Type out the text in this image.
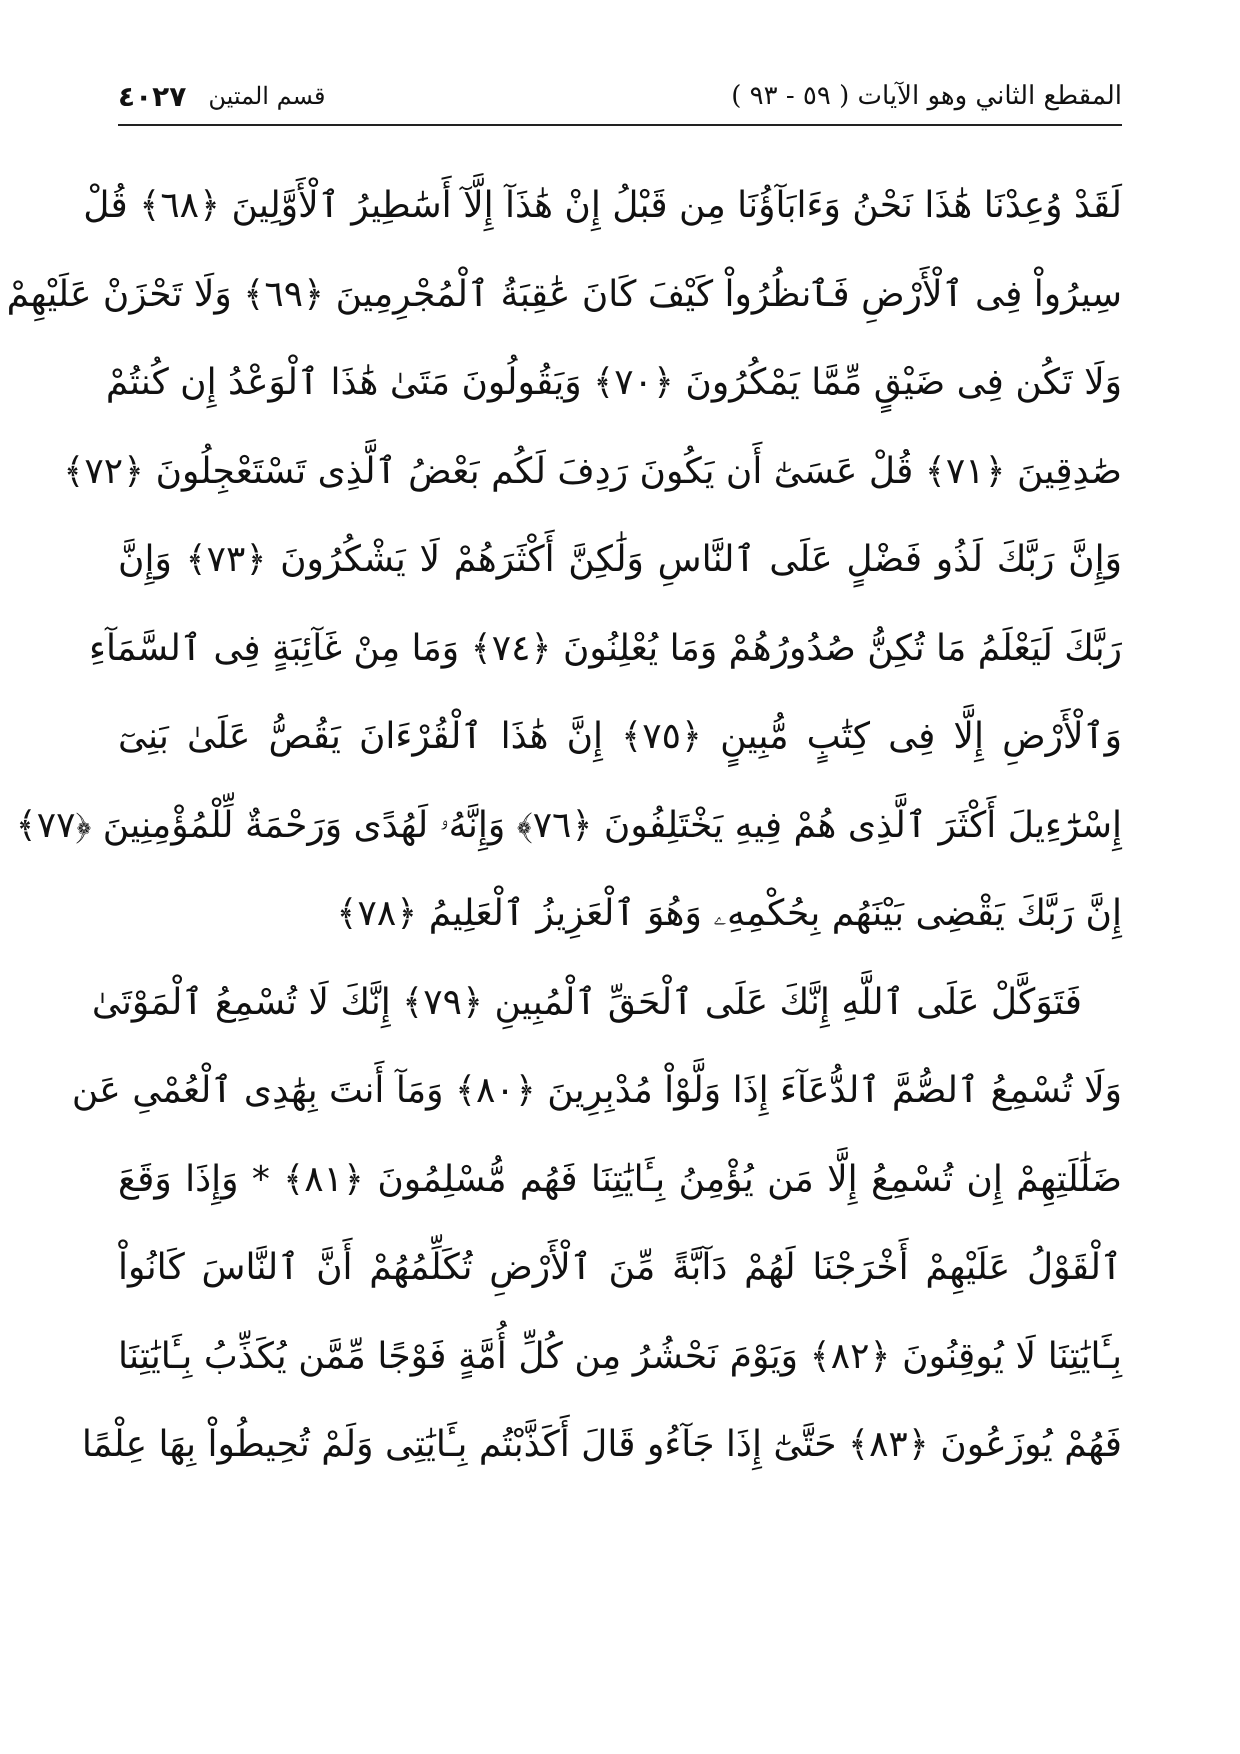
المقطع الثاني وهو الآيات ( ٥٩ - ٩٣ )
قسم المتين
٤٠٢٧
لَقَدْ وُعِدْنَا هَٰذَا نَحْنُ وَءَابَآؤُنَا مِن قَبْلُ إِنْ هَٰذَآ إِلَّآ أَسَٰطِيرُ ٱلْأَوَّلِينَ ﴿٦٨﴾ قُلْ
سِيرُواْ فِى ٱلْأَرْضِ فَٱنظُرُواْ كَيْفَ كَانَ عَٰقِبَةُ ٱلْمُجْرِمِينَ ﴿٦٩﴾ وَلَا تَحْزَنْ عَلَيْهِمْ
وَلَا تَكُن فِى ضَيْقٍ مِّمَّا يَمْكُرُونَ ﴿٧٠﴾ وَيَقُولُونَ مَتَىٰ هَٰذَا ٱلْوَعْدُ إِن كُنتُمْ
صَٰدِقِينَ ﴿٧١﴾ قُلْ عَسَىٰٓ أَن يَكُونَ رَدِفَ لَكُم بَعْضُ ٱلَّذِى تَسْتَعْجِلُونَ ﴿٧٢﴾
وَإِنَّ رَبَّكَ لَذُو فَضْلٍ عَلَى ٱلنَّاسِ وَلَٰكِنَّ أَكْثَرَهُمْ لَا يَشْكُرُونَ ﴿٧٣﴾ وَإِنَّ
رَبَّكَ لَيَعْلَمُ مَا تُكِنُّ صُدُورُهُمْ وَمَا يُعْلِنُونَ ﴿٧٤﴾ وَمَا مِنْ غَآئِبَةٍ فِى ٱلسَّمَآءِ
وَٱلْأَرْضِ إِلَّا فِى كِتَٰبٍ مُّبِينٍ ﴿٧٥﴾ إِنَّ هَٰذَا ٱلْقُرْءَانَ يَقُصُّ عَلَىٰ بَنِىٓ
إِسْرَٰٓءِيلَ أَكْثَرَ ٱلَّذِى هُمْ فِيهِ يَخْتَلِفُونَ ﴿٧٦﴾ وَإِنَّهُۥ لَهُدًى وَرَحْمَةٌ لِّلْمُؤْمِنِينَ ﴿٧٧﴾
إِنَّ رَبَّكَ يَقْضِى بَيْنَهُم بِحُكْمِهِۦ وَهُوَ ٱلْعَزِيزُ ٱلْعَلِيمُ ﴿٧٨﴾
فَتَوَكَّلْ عَلَى ٱللَّهِ إِنَّكَ عَلَى ٱلْحَقِّ ٱلْمُبِينِ ﴿٧٩﴾ إِنَّكَ لَا تُسْمِعُ ٱلْمَوْتَىٰ
وَلَا تُسْمِعُ ٱلصُّمَّ ٱلدُّعَآءَ إِذَا وَلَّوْاْ مُدْبِرِينَ ﴿٨٠﴾ وَمَآ أَنتَ بِهَٰدِى ٱلْعُمْىِ عَن
ضَلَٰلَتِهِمْ إِن تُسْمِعُ إِلَّا مَن يُؤْمِنُ بِـَٔايَٰتِنَا فَهُم مُّسْلِمُونَ ﴿٨١﴾ * وَإِذَا وَقَعَ
ٱلْقَوْلُ عَلَيْهِمْ أَخْرَجْنَا لَهُمْ دَآبَّةً مِّنَ ٱلْأَرْضِ تُكَلِّمُهُمْ أَنَّ ٱلنَّاسَ كَانُواْ
بِـَٔايَٰتِنَا لَا يُوقِنُونَ ﴿٨٢﴾ وَيَوْمَ نَحْشُرُ مِن كُلِّ أُمَّةٍ فَوْجًا مِّمَّن يُكَذِّبُ بِـَٔايَٰتِنَا
فَهُمْ يُوزَعُونَ ﴿٨٣﴾ حَتَّىٰٓ إِذَا جَآءُو قَالَ أَكَذَّبْتُم بِـَٔايَٰتِى وَلَمْ تُحِيطُواْ بِهَا عِلْمًا
